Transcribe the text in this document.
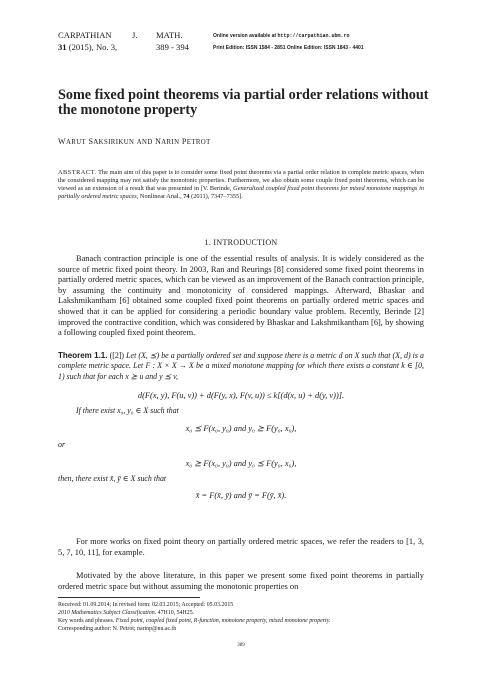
CARPATHIAN J. MATH.	Online version available at http://carpathian.ubm.ro
31 (2015), No. 3,	389 - 394	Print Edition: ISSN 1584 - 2851 Online Edition: ISSN 1843 - 4401
Some fixed point theorems via partial order relations without the monotone property
WARUT SAKSIRIKUN AND NARIN PETROT
ABSTRACT. The main aim of this paper is to consider some fixed point theorems via a partial order relation in complete metric spaces, when the considered mapping may not satisfy the monotonic properties. Furthermore, we also obtain some couple fixed point theorems, which can be viewed as an extension of a result that was presented in [V. Berinde, Generalized coupled fixed point theorems for mixed monotone mappings in partially ordered metric spaces, Nonlinear Anal., 74 (2011), 7347–7355].
1. INTRODUCTION
Banach contraction principle is one of the essential results of analysis. It is widely considered as the source of metric fixed point theory. In 2003, Ran and Reurings [8] considered some fixed point theorems in partially ordered metric spaces, which can be viewed as an improvement of the Banach contraction principle, by assuming the continuity and monotonicity of considered mappings. Afterward, Bhaskar and Lakshmikantham [6] obtained some coupled fixed point theorems on partially ordered metric spaces and showed that it can be applied for considering a periodic boundary value problem. Recently, Berinde [2] improved the contractive condition, which was considered by Bhaskar and Lakshmikantham [6], by showing a following coupled fixed point theorem.
Theorem 1.1. ([2]) Let (X, ⪯) be a partially ordered set and suppose there is a metric d on X such that (X, d) is a complete metric space. Let F : X × X → X be a mixed monotone mapping for which there exists a constant k ∈ [0, 1) such that for each x ⪰ u and y ⪯ v,
d(F(x, y), F(u, v)) + d(F(y, x), F(v, u)) ≤ k[(d(x, u) + d(y, v))].
If there exist x₀, y₀ ∈ X such that
x₀ ⪯ F(x₀, y₀) and y₀ ⪰ F(y₀, x₀),
or
x₀ ⪰ F(x₀, y₀) and y₀ ⪯ F(y₀, x₀),
then, there exist x̄, ȳ ∈ X such that
x̄ = F(x̄, ȳ) and ȳ = F(ȳ, x̄).
For more works on fixed point theory on partially ordered metric spaces, we refer the readers to [1, 3, 5, 7, 10, 11], for example.
Motivated by the above literature, in this paper we present some fixed point theorems in partially ordered metric space but without assuming the monotonic properties on
Received: 01.09.2014; In revised form: 02.03.2015; Accepted: 05.03.2015
2010 Mathematics Subject Classification. 47H10, 54H25.
Key words and phrases. Fixed point, coupled fixed point, R-function, monotone property, mixed monotone property.
Corresponding author: N. Petrot; narinp@nu.ac.th
389
